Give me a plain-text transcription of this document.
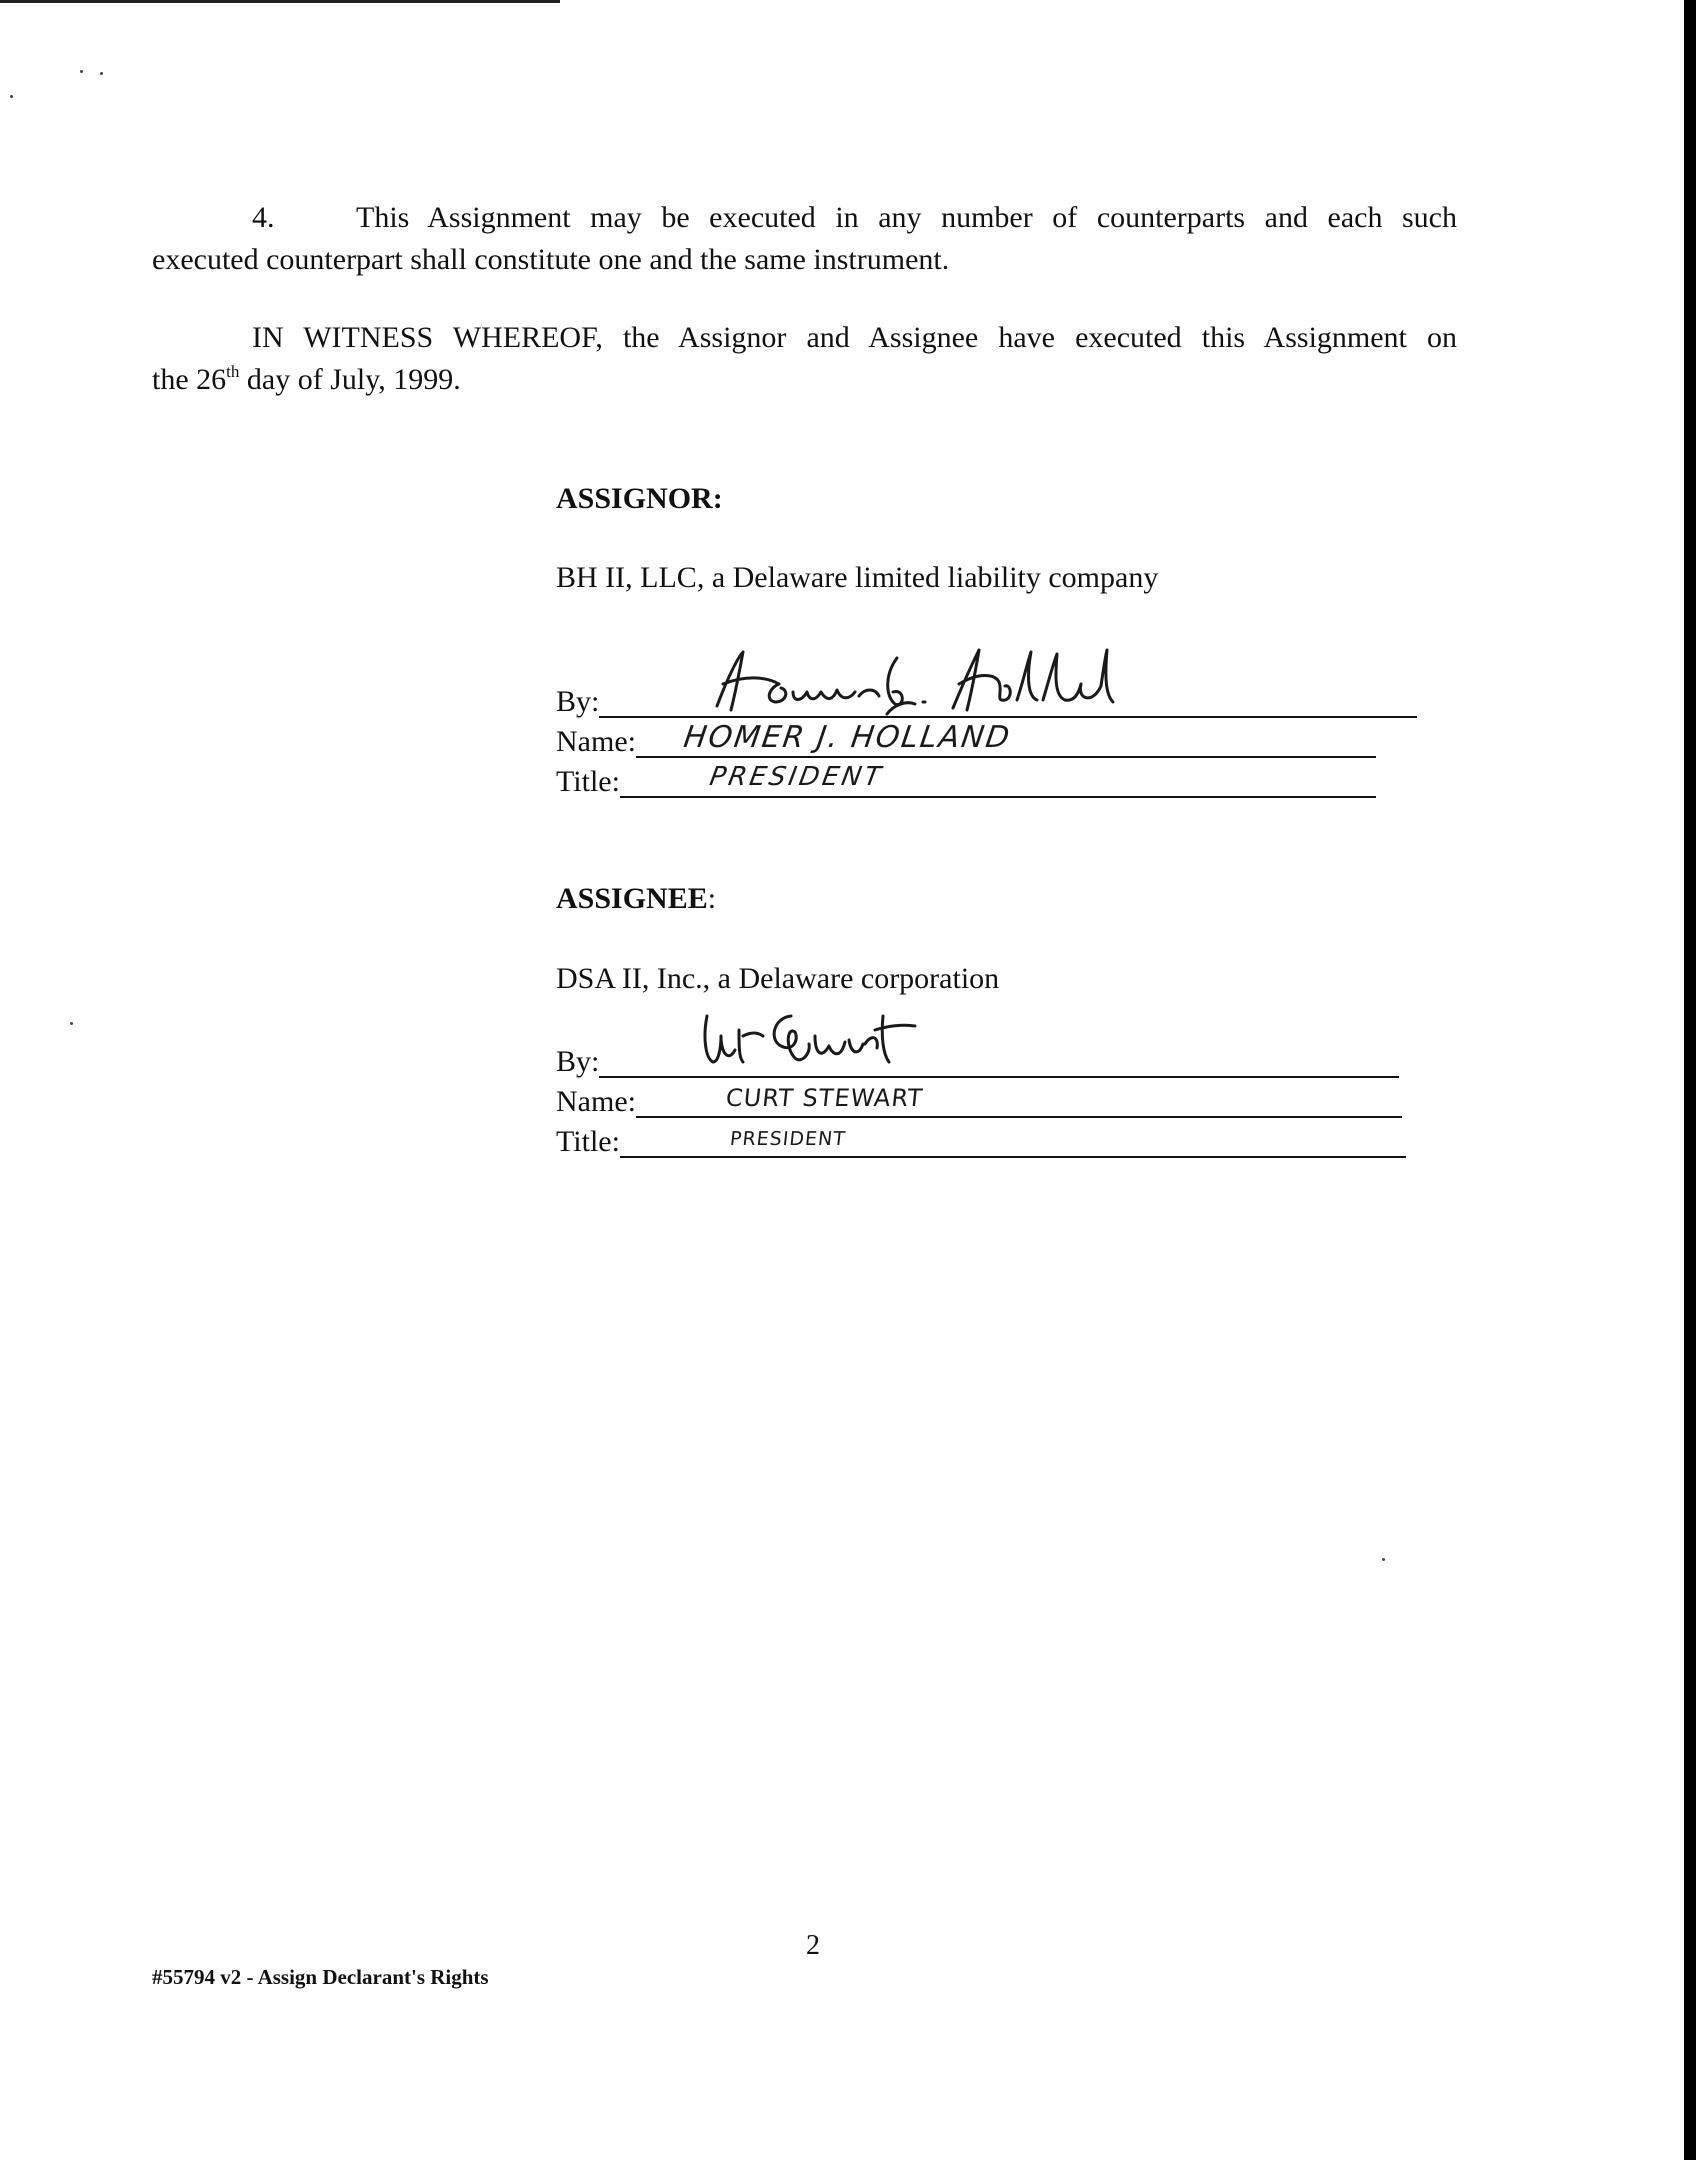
4.	This Assignment may be executed in any number of counterparts and each such
executed counterpart shall constitute one and the same instrument.
IN WITNESS WHEREOF, the Assignor and Assignee have executed this Assignment on
the 26th day of July, 1999.

ASSIGNOR:

BH II, LLC, a Delaware limited liability company

By:
Name: HOMER J. HOLLAND
Title:	PRESIDENT

ASSIGNEE:

DSA II, Inc., a Delaware corporation

By:
Name:	CURT STEWART
Title:	PRESIDENT

2

#55794 v2 - Assign Declarant's Rights
